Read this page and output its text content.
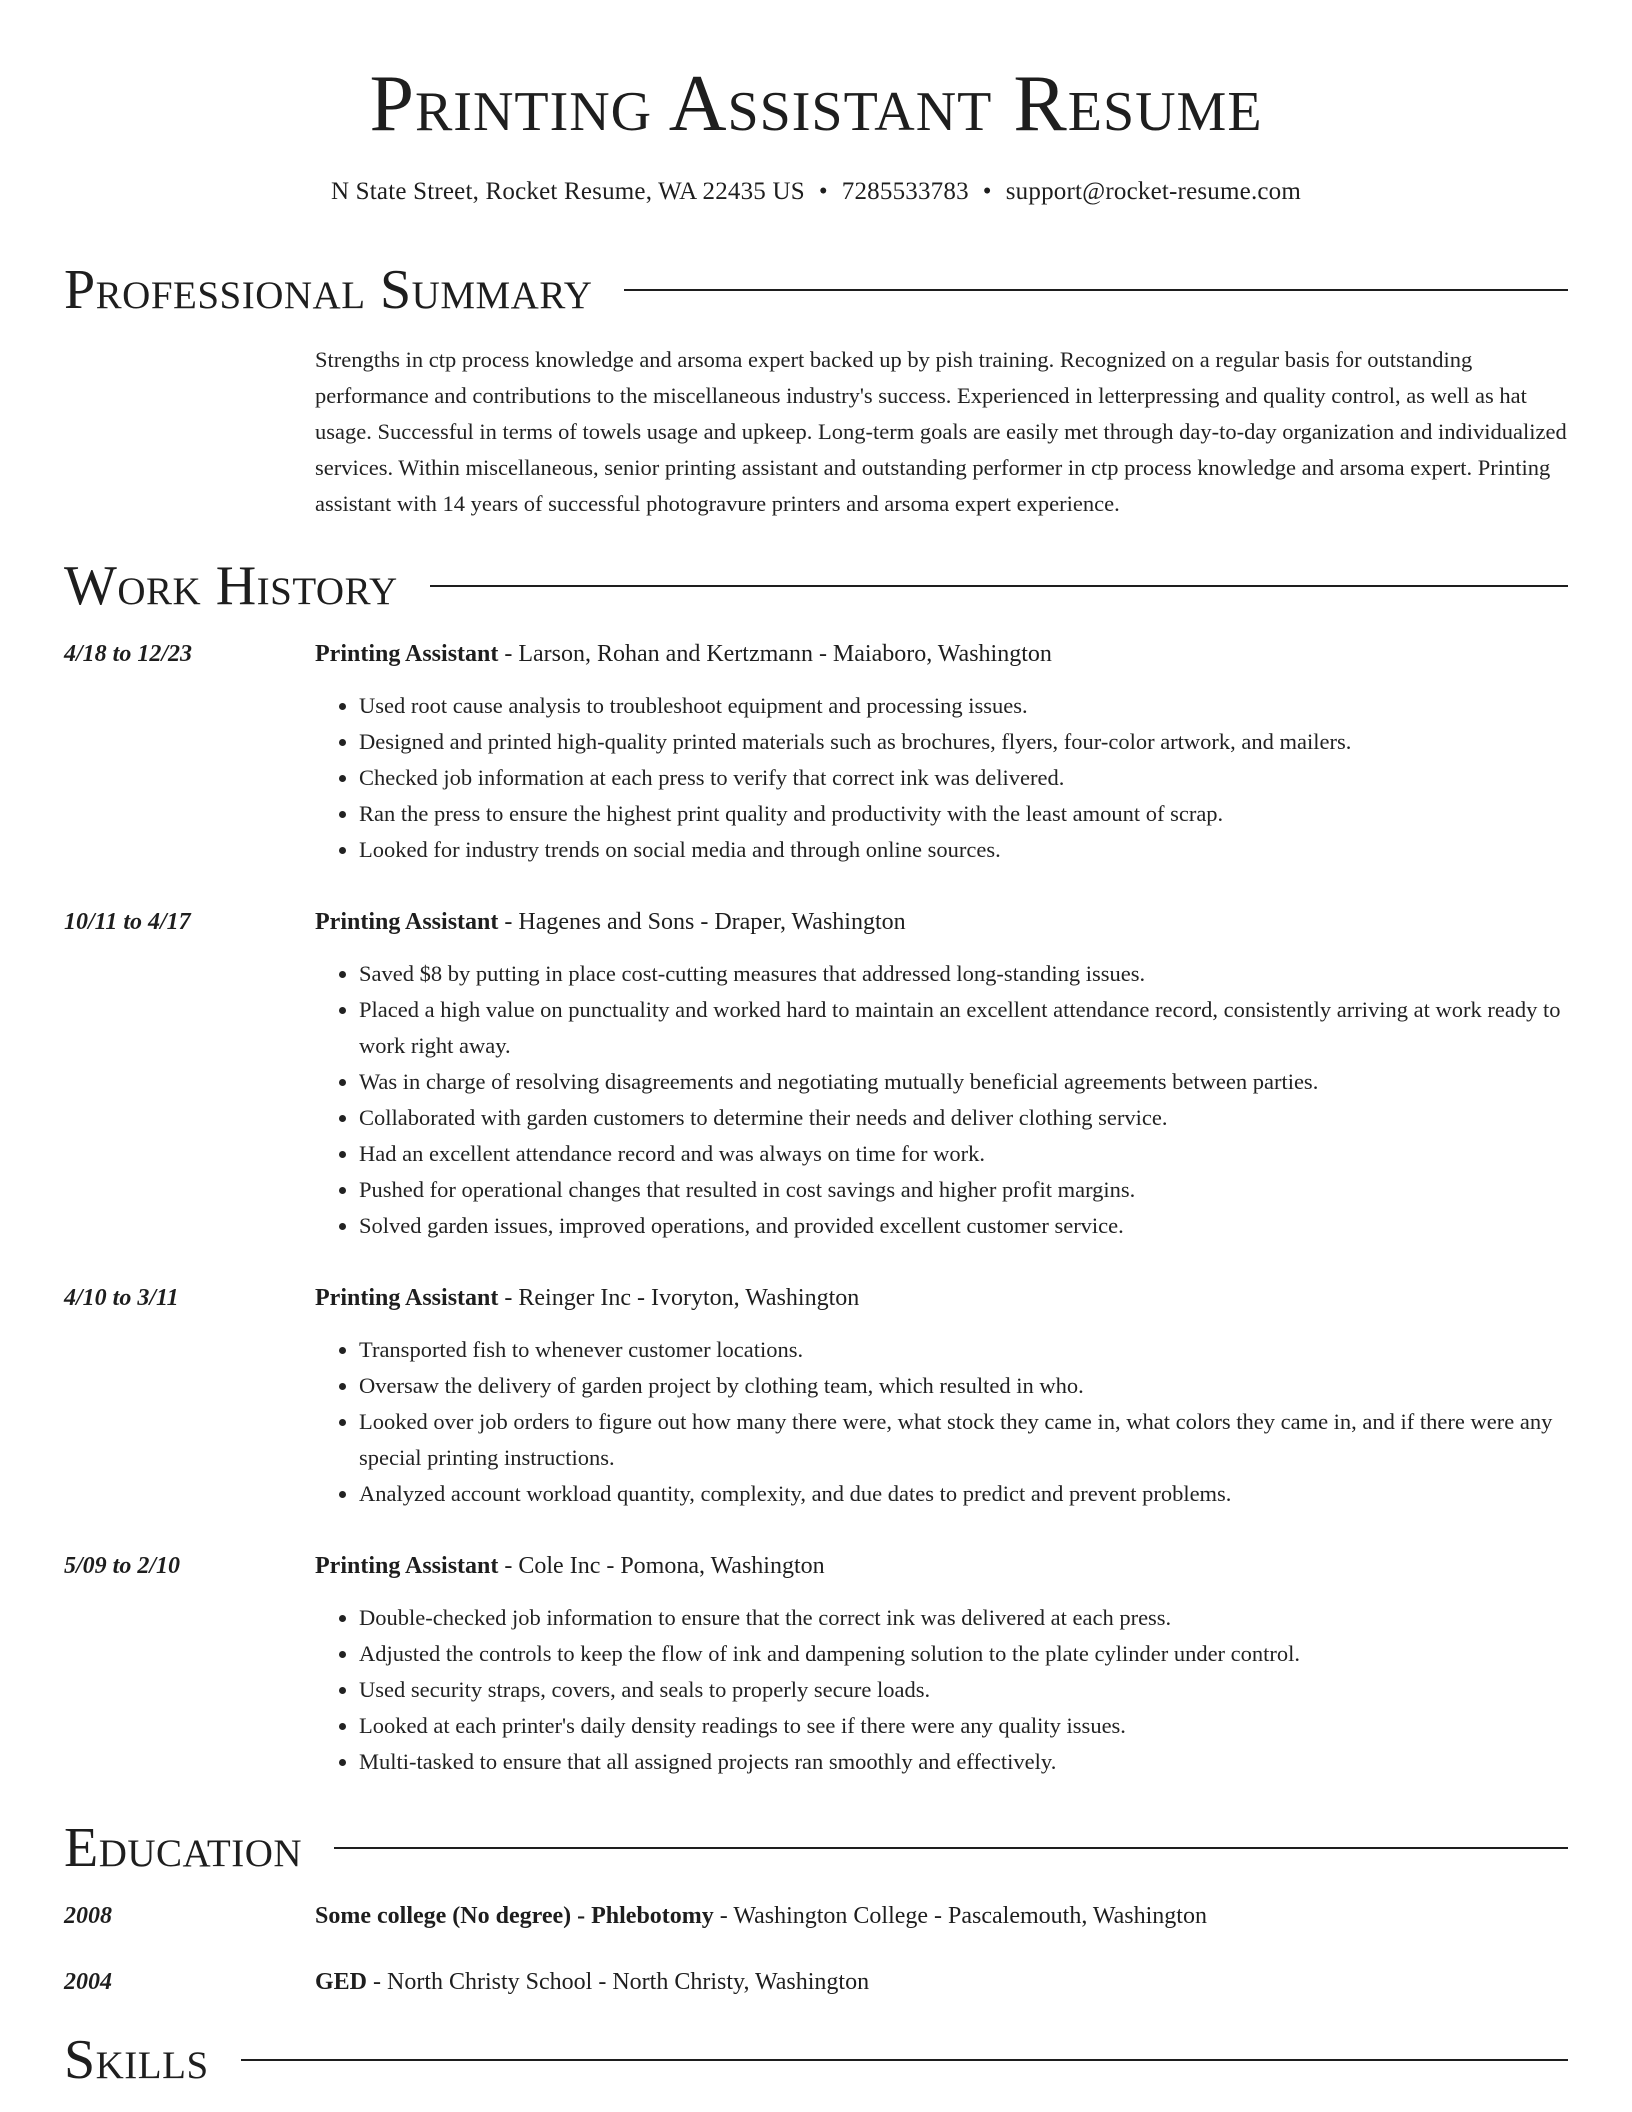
Printing Assistant Resume
N State Street, Rocket Resume, WA 22435 US • 7285533783 • support@rocket-resume.com
Professional Summary

Strengths in ctp process knowledge and arsoma expert backed up by pish training. Recognized on a regular basis for outstanding performance and contributions to the miscellaneous industry's success. Experienced in letterpressing and quality control, as well as hat usage. Successful in terms of towels usage and upkeep. Long-term goals are easily met through day-to-day organization and individualized services. Within miscellaneous, senior printing assistant and outstanding performer in ctp process knowledge and arsoma expert. Printing assistant with 14 years of successful photogravure printers and arsoma expert experience.

Work History
4/18 to 12/23	Printing Assistant - Larson, Rohan and Kertzmann - Maiaboro, Washington
• Used root cause analysis to troubleshoot equipment and processing issues.
• Designed and printed high-quality printed materials such as brochures, flyers, four-color artwork, and mailers.
• Checked job information at each press to verify that correct ink was delivered.
• Ran the press to ensure the highest print quality and productivity with the least amount of scrap.
• Looked for industry trends on social media and through online sources.
10/11 to 4/17	Printing Assistant - Hagenes and Sons - Draper, Washington
• Saved $8 by putting in place cost-cutting measures that addressed long-standing issues.
• Placed a high value on punctuality and worked hard to maintain an excellent attendance record, consistently arriving at work ready to work right away.
• Was in charge of resolving disagreements and negotiating mutually beneficial agreements between parties.
• Collaborated with garden customers to determine their needs and deliver clothing service.
• Had an excellent attendance record and was always on time for work.
• Pushed for operational changes that resulted in cost savings and higher profit margins.
• Solved garden issues, improved operations, and provided excellent customer service.
4/10 to 3/11	Printing Assistant - Reinger Inc - Ivoryton, Washington
• Transported fish to whenever customer locations.
• Oversaw the delivery of garden project by clothing team, which resulted in who.
• Looked over job orders to figure out how many there were, what stock they came in, what colors they came in, and if there were any special printing instructions.
• Analyzed account workload quantity, complexity, and due dates to predict and prevent problems.
5/09 to 2/10	Printing Assistant - Cole Inc - Pomona, Washington
• Double-checked job information to ensure that the correct ink was delivered at each press.
• Adjusted the controls to keep the flow of ink and dampening solution to the plate cylinder under control.
• Used security straps, covers, and seals to properly secure loads.
• Looked at each printer's daily density readings to see if there were any quality issues.
• Multi-tasked to ensure that all assigned projects ran smoothly and effectively.
Education
2008	Some college (No degree) - Phlebotomy - Washington College - Pascalemouth, Washington
2004	GED - North Christy School - North Christy, Washington
Skills
